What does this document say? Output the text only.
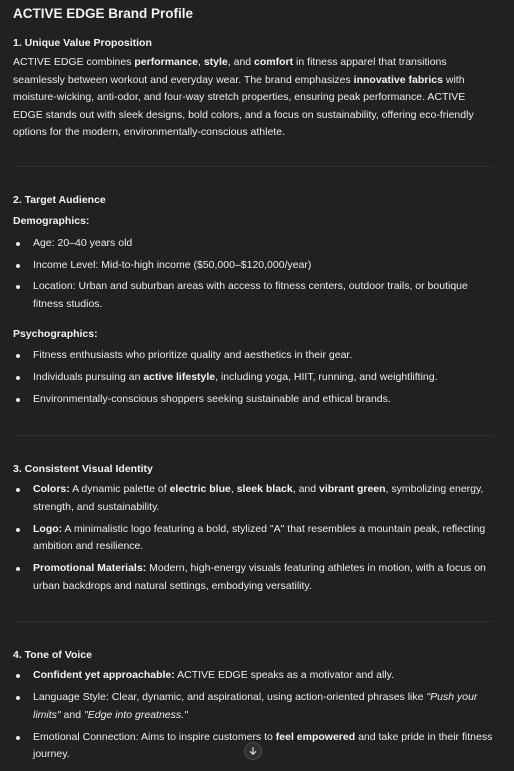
ACTIVE EDGE Brand Profile
1. Unique Value Proposition
ACTIVE EDGE combines performance, style, and comfort in fitness apparel that transitions seamlessly between workout and everyday wear. The brand emphasizes innovative fabrics with moisture-wicking, anti-odor, and four-way stretch properties, ensuring peak performance. ACTIVE EDGE stands out with sleek designs, bold colors, and a focus on sustainability, offering eco-friendly options for the modern, environmentally-conscious athlete.
2. Target Audience
Demographics:
Age: 20–40 years old
Income Level: Mid-to-high income ($50,000–$120,000/year)
Location: Urban and suburban areas with access to fitness centers, outdoor trails, or boutique fitness studios.
Psychographics:
Fitness enthusiasts who prioritize quality and aesthetics in their gear.
Individuals pursuing an active lifestyle, including yoga, HIIT, running, and weightlifting.
Environmentally-conscious shoppers seeking sustainable and ethical brands.
3. Consistent Visual Identity
Colors: A dynamic palette of electric blue, sleek black, and vibrant green, symbolizing energy, strength, and sustainability.
Logo: A minimalistic logo featuring a bold, stylized "A" that resembles a mountain peak, reflecting ambition and resilience.
Promotional Materials: Modern, high-energy visuals featuring athletes in motion, with a focus on urban backdrops and natural settings, embodying versatility.
4. Tone of Voice
Confident yet approachable: ACTIVE EDGE speaks as a motivator and ally.
Language Style: Clear, dynamic, and aspirational, using action-oriented phrases like "Push your limits" and "Edge into greatness."
Emotional Connection: Aims to inspire customers to feel empowered and take pride in their fitness journey.
